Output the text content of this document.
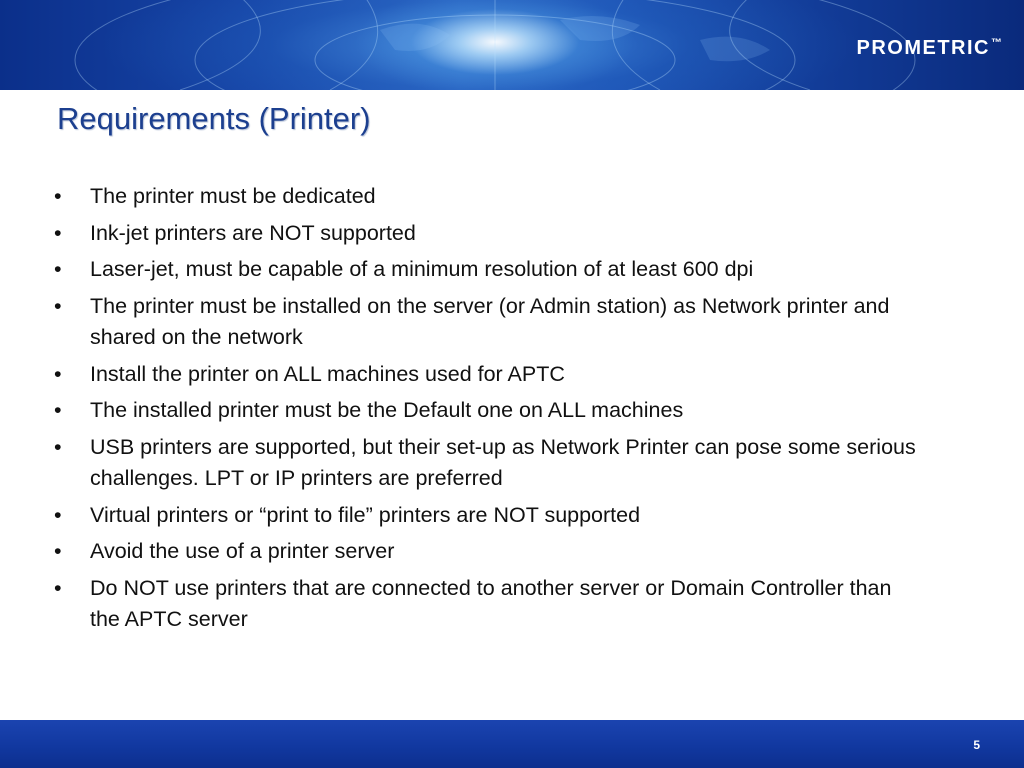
PROMETRIC™
Requirements (Printer)
• The printer must be dedicated
• Ink-jet printers are NOT supported
• Laser-jet, must be capable of a minimum resolution of at least 600 dpi
• The printer must be installed on the server (or Admin station) as Network printer and shared on the network
• Install the printer on ALL machines used for APTC
• The installed printer must be the Default one on ALL machines
• USB printers are supported, but their set-up as Network Printer can pose some serious challenges. LPT or IP printers are preferred
• Virtual printers or “print to file” printers are NOT supported
• Avoid the use of a printer server
• Do NOT use printers that are connected to another server or Domain Controller than the APTC server
5
